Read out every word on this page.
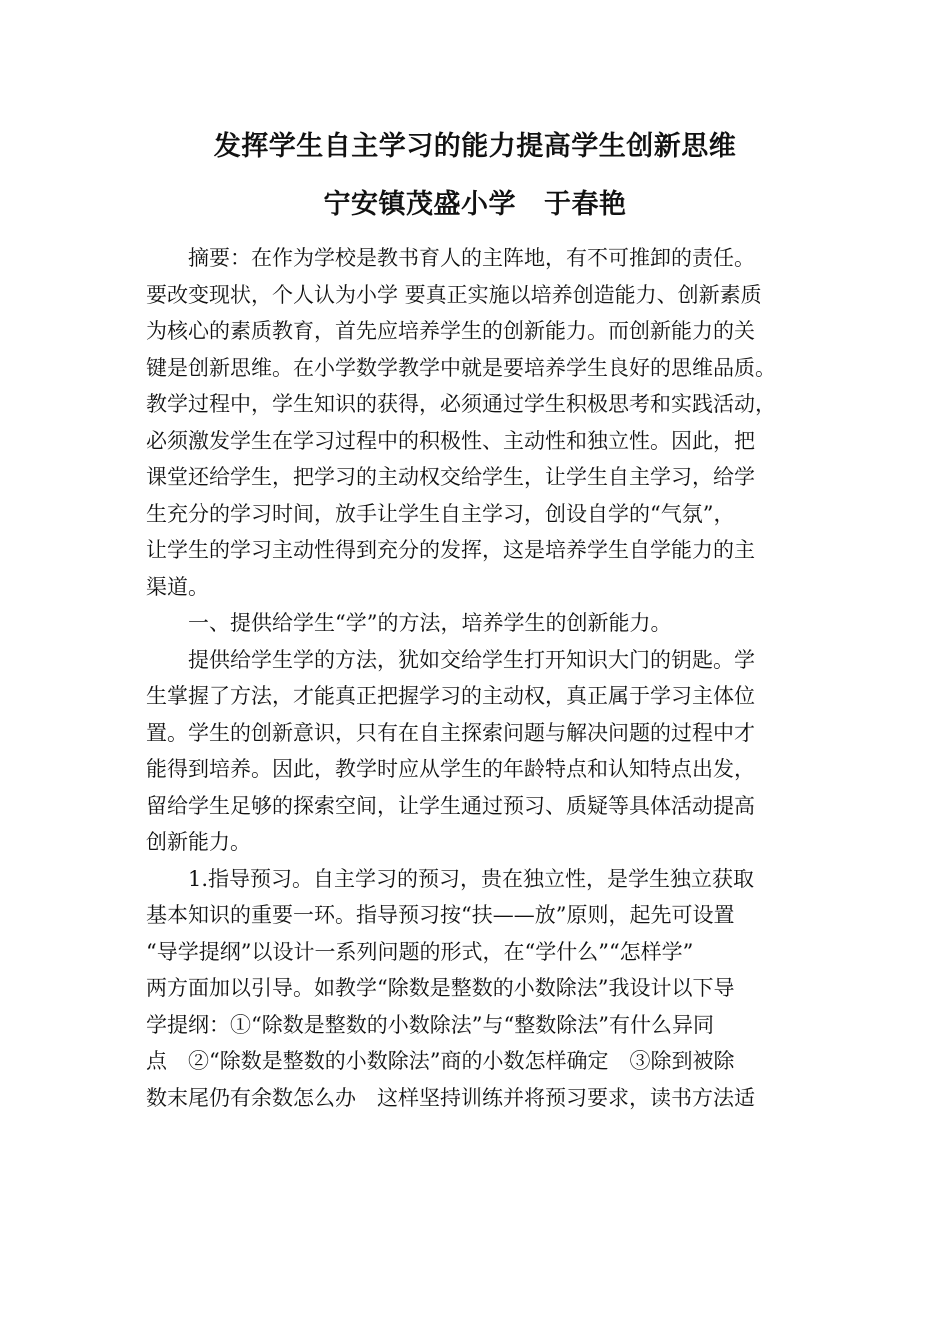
发挥学生自主学习的能力提高学生创新思维
宁安镇茂盛小学 于春艳
摘要：在作为学校是教书育人的主阵地，有不可推卸的责任。
要改变现状，个人认为小学 要真正实施以培养创造能力、创新素质
为核心的素质教育，首先应培养学生的创新能力。而创新能力的关
键是创新思维。在小学数学教学中就是要培养学生良好的思维品质。
教学过程中，学生知识的获得，必须通过学生积极思考和实践活动，
必须激发学生在学习过程中的积极性、主动性和独立性。因此，把
课堂还给学生，把学习的主动权交给学生，让学生自主学习，给学
生充分的学习时间，放手让学生自主学习，创设自学的“气氛”，
让学生的学习主动性得到充分的发挥，这是培养学生自学能力的主
渠道。
一、提供给学生“学”的方法，培养学生的创新能力。
提供给学生学的方法，犹如交给学生打开知识大门的钥匙。学
生掌握了方法，才能真正把握学习的主动权，真正属于学习主体位
置。学生的创新意识，只有在自主探索问题与解决问题的过程中才
能得到培养。因此，教学时应从学生的年龄特点和认知特点出发，
留给学生足够的探索空间，让学生通过预习、质疑等具体活动提高
创新能力。
1.指导预习。自主学习的预习，贵在独立性，是学生独立获取
基本知识的重要一环。指导预习按“扶——放”原则，起先可设置
“导学提纲”以设计一系列问题的形式，在“学什么”“怎样学”
两方面加以引导。如教学“除数是整数的小数除法”我设计以下导
学提纲：①“除数是整数的小数除法”与“整数除法”有什么异同
点　②“除数是整数的小数除法”商的小数怎样确定　③除到被除
数末尾仍有余数怎么办　这样坚持训练并将预习要求，读书方法适
